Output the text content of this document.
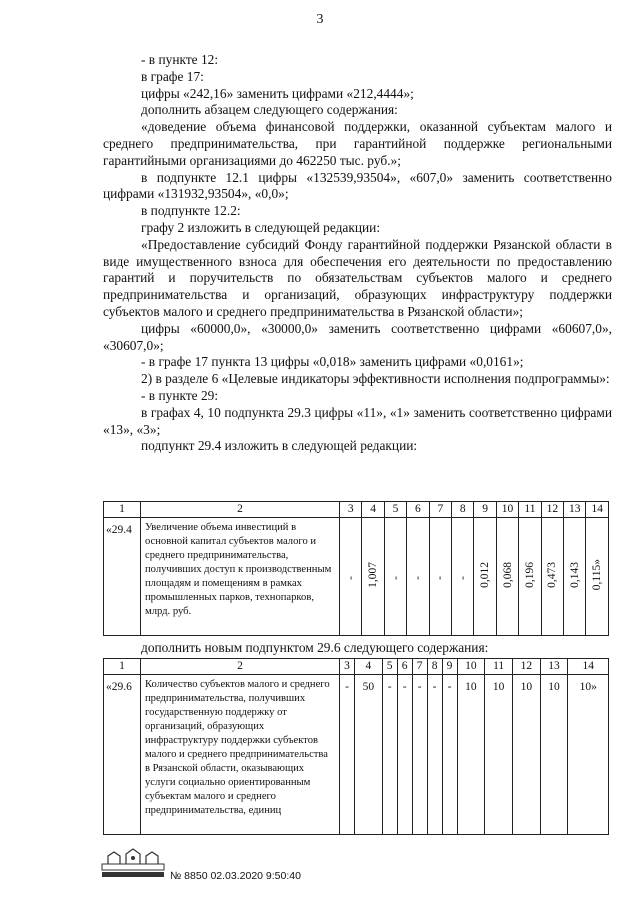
3

- в пункте 12:

в графе 17:

цифры «242,16» заменить цифрами «212,4444»;

дополнить абзацем следующего содержания:

«доведение объема финансовой поддержки, оказанной субъектам малого и среднего предпринимательства, при гарантийной поддержке региональными гарантийными организациями до 462250 тыс. руб.»;

в подпункте 12.1 цифры «132539,93504», «607,0» заменить соответственно цифрами «131932,93504», «0,0»;

в подпункте 12.2:

графу 2 изложить в следующей редакции:

«Предоставление субсидий Фонду гарантийной поддержки Рязанской области в виде имущественного взноса для обеспечения его деятельности по предоставлению гарантий и поручительств по обязательствам субъектов малого и среднего предпринимательства и организаций, образующих инфраструктуру поддержки субъектов малого и среднего предпринимательства в Рязанской области»;

цифры «60000,0», «30000,0» заменить соответственно цифрами «60607,0», «30607,0»;

- в графе 17 пункта 13 цифры «0,018» заменить цифрами «0,0161»;

2) в разделе 6 «Целевые индикаторы эффективности исполнения подпрограммы»:

- в пункте 29:

в графах 4, 10 подпункта 29.3 цифры «11», «1» заменить соответственно цифрами «13», «3»;

подпункт 29.4 изложить в следующей редакции:

1	2	3	4	5	6	7	8	9	10	11	12	13	14
«29.4	Увеличение объема инвестиций в основной капитал субъектов малого и среднего предпринимательства, получивших доступ к производственным площадям и помещениям в рамках промышленных парков, технопарков, млрд. руб.	-	1,007	-	-	-	-	0,012	0,068	0,196	0,473	0,143	0,115»
дополнить новым подпунктом 29.6 следующего содержания:
1	2	3	4	5	6	7	8	9	10	11	12	13	14
«29.6	Количество субъектов малого и среднего предпринимательства, получивших государственную поддержку от организаций, образующих инфраструктуру поддержки субъектов малого и среднего предпринимательства в Рязанской области, оказывающих услуги социально ориентированным субъектам малого и среднего предпринимательства, единиц	-	50	-	-	-	-	-	10	10	10	10	10»
№ 8850 02.03.2020 9:50:40
